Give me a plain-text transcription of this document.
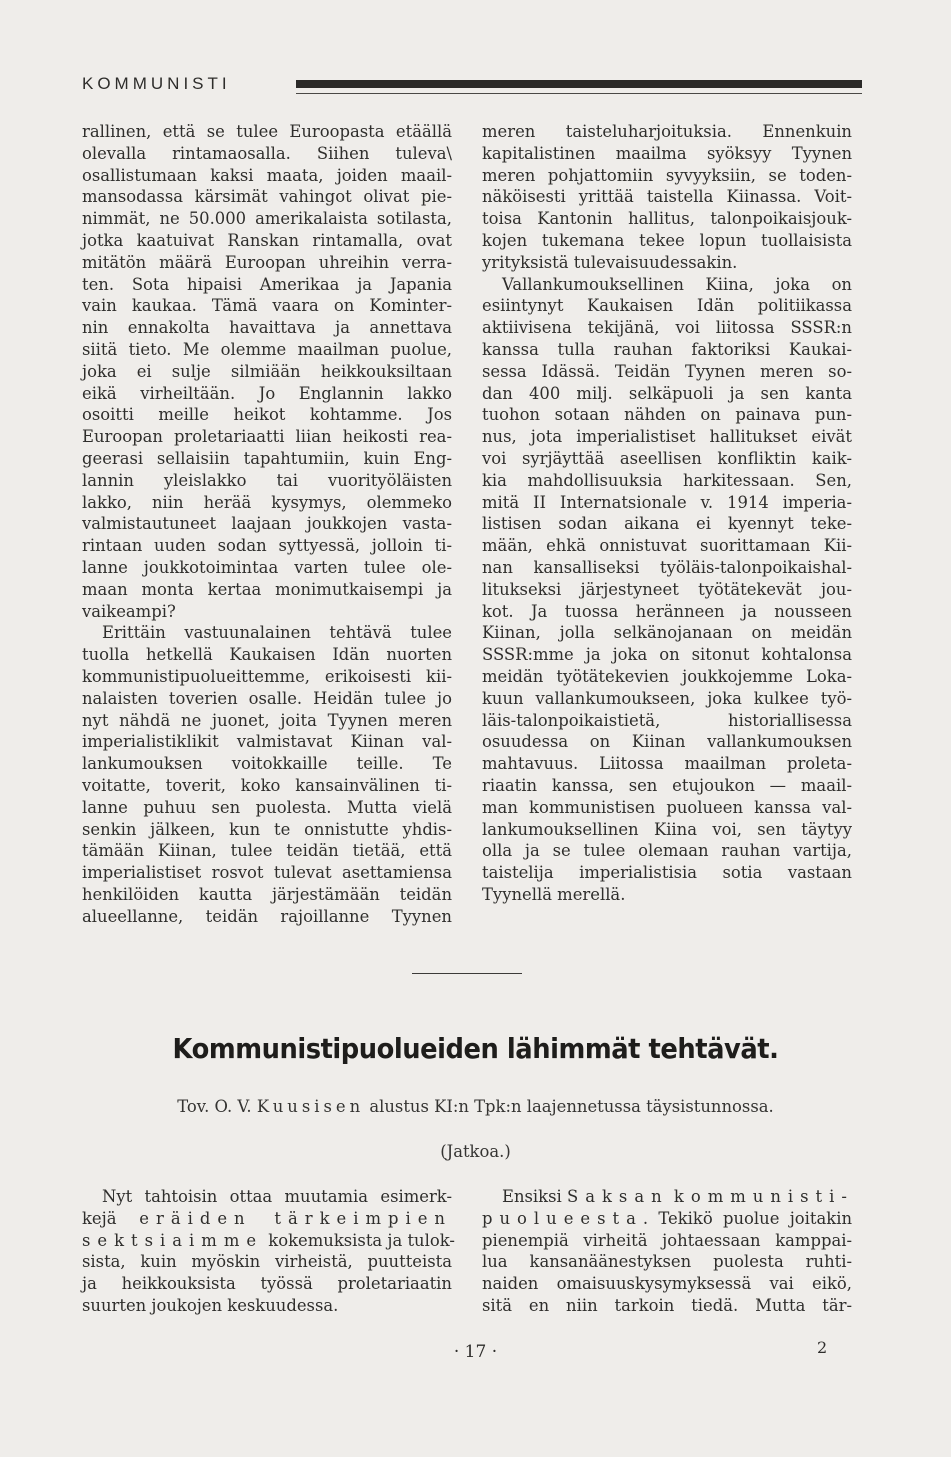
KOMMUNISTI

rallinen, että se tulee Euroopasta etäällä

olevalla rintamaosalla. Siihen tuleva\

osallistumaan kaksi maata, joiden maail-

mansodassa kärsimät vahingot olivat pie-

nimmät, ne 50.000 amerikalaista sotilasta,

jotka kaatuivat Ranskan rintamalla, ovat

mitätön määrä Euroopan uhreihin verra-

ten. Sota hipaisi Amerikaa ja Japania

vain kaukaa. Tämä vaara on Kominter-

nin ennakolta havaittava ja annettava

siitä tieto. Me olemme maailman puolue,

joka ei sulje silmiään heikkouksiltaan

eikä virheiltään. Jo Englannin lakko

osoitti meille heikot kohtamme. Jos

Euroopan proletariaatti liian heikosti rea-

geerasi sellaisiin tapahtumiin, kuin Eng-

lannin yleislakko tai vuorityöläisten

lakko, niin herää kysymys, olemmeko

valmistautuneet laajaan joukkojen vasta-

rintaan uuden sodan syttyessä, jolloin ti-

lanne joukkotoimintaa varten tulee ole-

maan monta kertaa monimutkaisempi ja

vaikeampi?

Erittäin vastuunalainen tehtävä tulee

tuolla hetkellä Kaukaisen Idän nuorten

kommunistipuolueittemme, erikoisesti kii-

nalaisten toverien osalle. Heidän tulee jo

nyt nähdä ne juonet, joita Tyynen meren

imperialistiklikit valmistavat Kiinan val-

lankumouksen voitokkaille teille. Te

voitatte, toverit, koko kansainvälinen ti-

lanne puhuu sen puolesta. Mutta vielä

senkin jälkeen, kun te onnistutte yhdis-

tämään Kiinan, tulee teidän tietää, että

imperialistiset rosvot tulevat asettamiensa

henkilöiden kautta järjestämään teidän

alueellanne, teidän rajoillanne Tyynen

meren taisteluharjoituksia. Ennenkuin

kapitalistinen maailma syöksyy Tyynen

meren pohjattomiin syvyyksiin, se toden-

näköisesti yrittää taistella Kiinassa. Voit-

toisa Kantonin hallitus, talonpoikaisjouk-

kojen tukemana tekee lopun tuollaisista

yrityksistä tulevaisuudessakin.

Vallankumouksellinen Kiina, joka on

esiintynyt Kaukaisen Idän politiikassa

aktiivisena tekijänä, voi liitossa SSSR:n

kanssa tulla rauhan faktoriksi Kaukai-

sessa Idässä. Teidän Tyynen meren so-

dan 400 milj. selkäpuoli ja sen kanta

tuohon sotaan nähden on painava pun-

nus, jota imperialistiset hallitukset eivät

voi syrjäyttää aseellisen konfliktin kaik-

kia mahdollisuuksia harkitessaan. Sen,

mitä II Internatsionale v. 1914 imperia-

listisen sodan aikana ei kyennyt teke-

mään, ehkä onnistuvat suorittamaan Kii-

nan kansalliseksi työläis-talonpoikaishal-

litukseksi järjestyneet työtätekevät jou-

kot. Ja tuossa heränneen ja nousseen

Kiinan, jolla selkänojanaan on meidän

SSSR:mme ja joka on sitonut kohtalonsa

meidän työtätekevien joukkojemme Loka-

kuun vallankumoukseen, joka kulkee työ-

läis-talonpoikaistietä, historiallisessa

osuudessa on Kiinan vallankumouksen

mahtavuus. Liitossa maailman proleta-

riaatin kanssa, sen etujoukon — maail-

man kommunistisen puolueen kanssa val-

lankumouksellinen Kiina voi, sen täytyy

olla ja se tulee olemaan rauhan vartija,

taistelija imperialistisia sotia vastaan

Tyynellä merellä.

Kommunistipuolueiden lähimmät tehtävät.
Tov. O. V. Kuusisen alustus KI:n Tpk:n laajennetussa täysistunnossa.
(Jatkoa.)

Nyt tahtoisin ottaa muutamia esimerk-

kejä eräiden tärkeimpien

sektsiaimme kokemuksista ja tulok-

sista, kuin myöskin virheistä, puutteista

ja heikkouksista työssä proletariaatin

suurten joukojen keskuudessa.

Ensiksi Saksan kommunisti-

puolueesta. Tekikö puolue joitakin

pienempiä virheitä johtaessaan kamppai-

lua kansanäänestyksen puolesta ruhti-

naiden omaisuuskysymyksessä vai eikö,

sitä en niin tarkoin tiedä. Mutta tär-

· 17 ·	2
